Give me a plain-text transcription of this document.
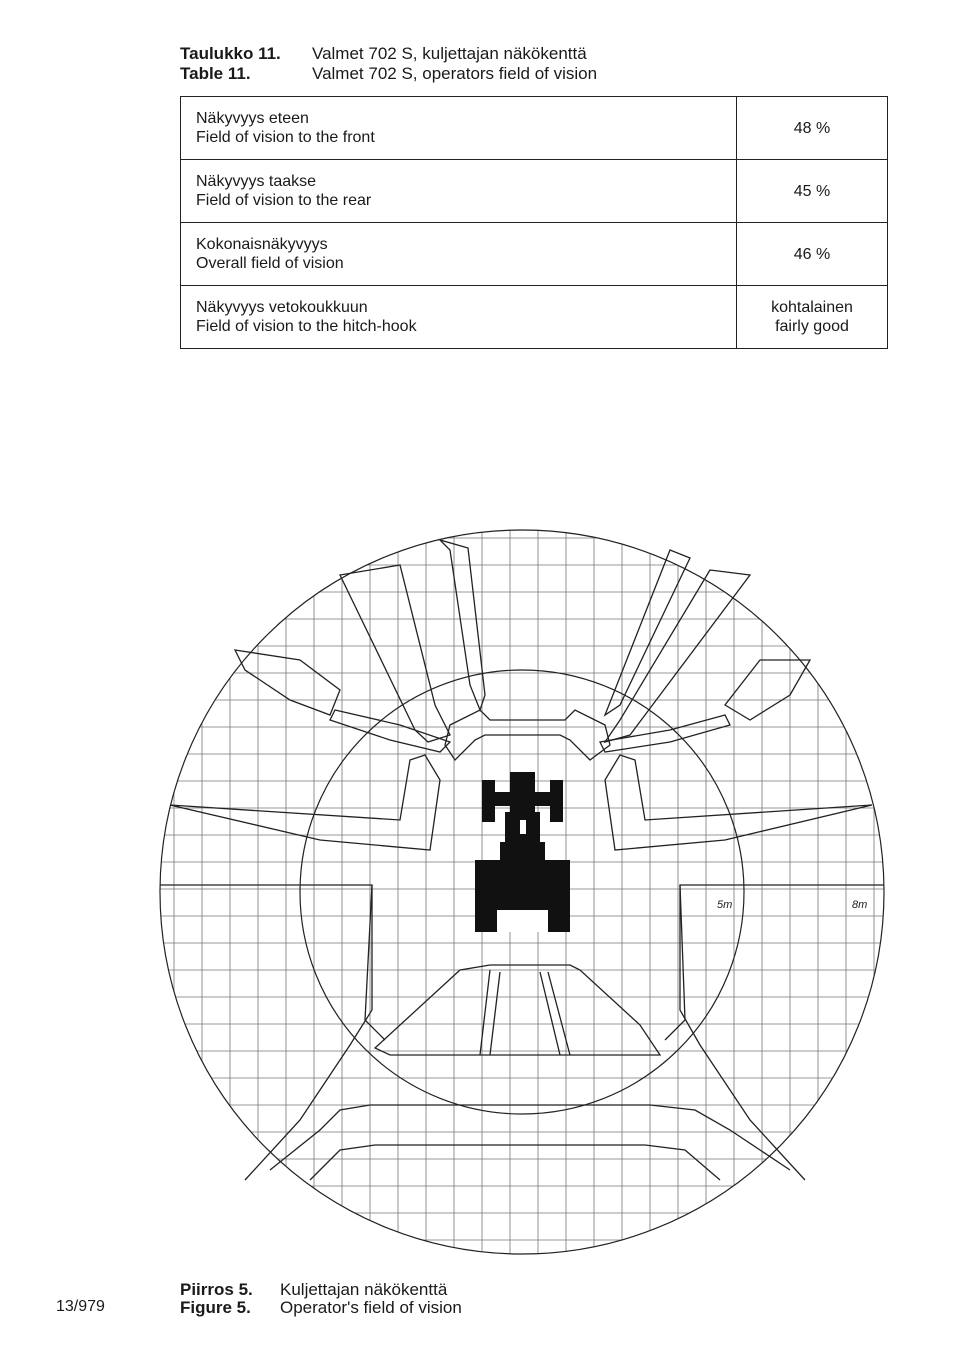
Taulukko 11. Valmet 702 S, kuljettajan näkökenttä
Table 11.	Valmet 702 S, operators field of vision
Näkyvyys eteen
Field of vision to the front	48 %
Näkyvyys taakse
Field of vision to the rear	45 %
Kokonaisnäkyvyys
Overall field of vision	46 %
Näkyvyys vetokoukkuun
Field of vision to the hitch-hook	kohtalainen
fairly good
5m	8m
Piirros 5. Kuljettajan näkökenttä
Figure 5. Operator's field of vision
13/979
